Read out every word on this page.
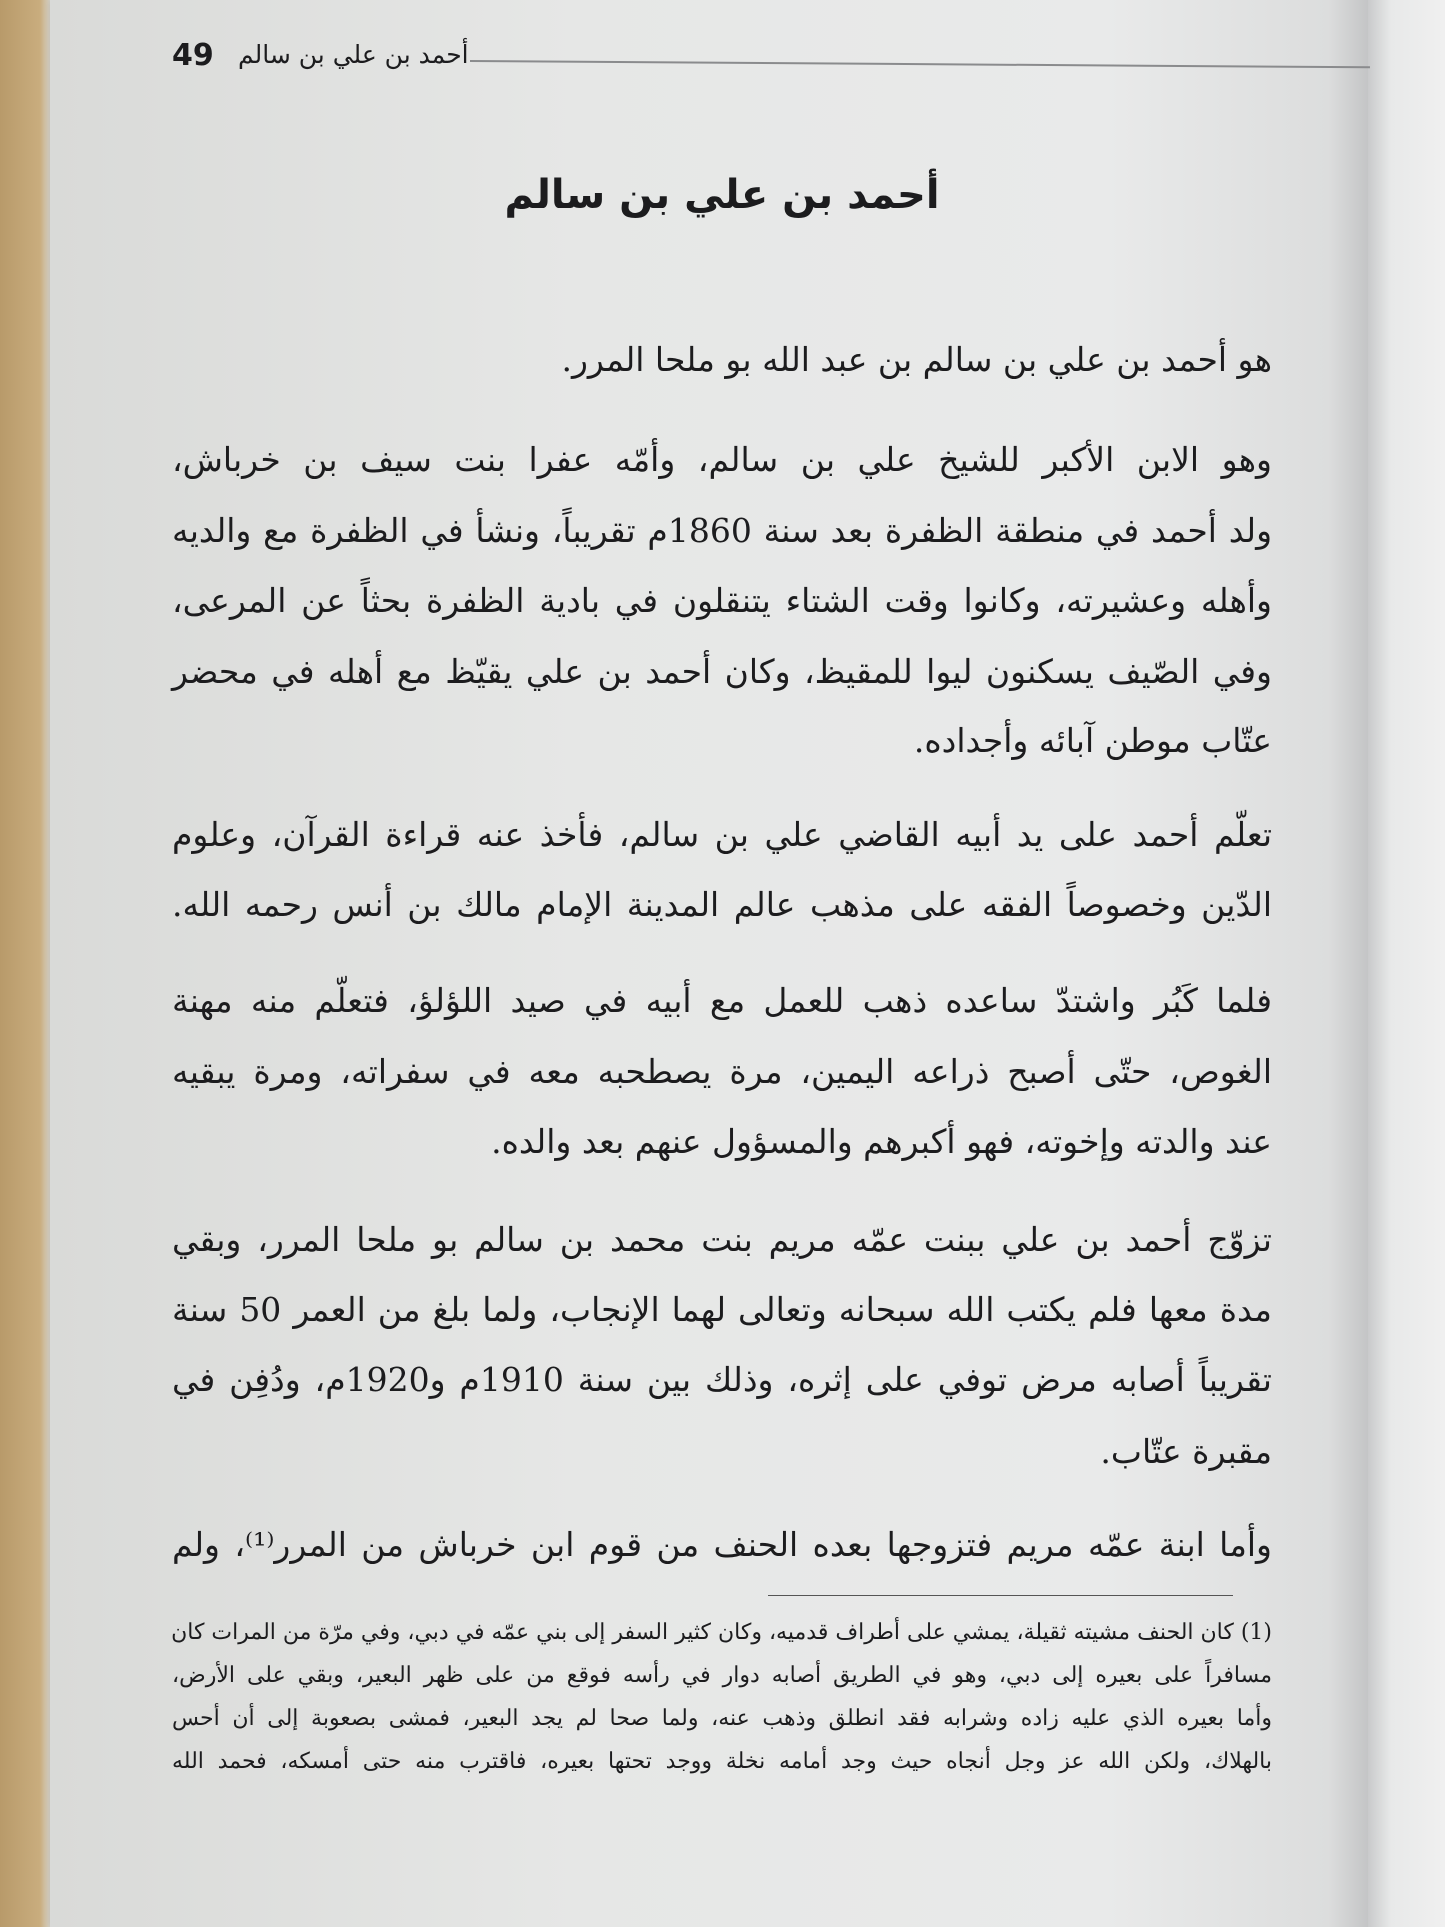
49 أحمد بن علي بن سالم
أحمد بن علي بن سالم
هو أحمد بن علي بن سالم بن عبد الله بو ملحا المرر.
وهو الابن الأكبر للشيخ علي بن سالم، وأمّه عفرا بنت سيف بن خرباش،
ولد أحمد في منطقة الظفرة بعد سنة 1860م تقريباً، ونشأ في الظفرة مع والديه
وأهله وعشيرته، وكانوا وقت الشتاء يتنقلون في بادية الظفرة بحثاً عن المرعى،
وفي الصّيف يسكنون ليوا للمقيظ، وكان أحمد بن علي يقيّظ مع أهله في محضر
عتّاب موطن آبائه وأجداده.
تعلّم أحمد على يد أبيه القاضي علي بن سالم، فأخذ عنه قراءة القرآن، وعلوم
الدّين وخصوصاً الفقه على مذهب عالم المدينة الإمام مالك بن أنس رحمه الله.
فلما كَبُر واشتدّ ساعده ذهب للعمل مع أبيه في صيد اللؤلؤ، فتعلّم منه مهنة
الغوص، حتّى أصبح ذراعه اليمين، مرة يصطحبه معه في سفراته، ومرة يبقيه
عند والدته وإخوته، فهو أكبرهم والمسؤول عنهم بعد والده.
تزوّج أحمد بن علي ببنت عمّه مريم بنت محمد بن سالم بو ملحا المرر، وبقي
مدة معها فلم يكتب الله سبحانه وتعالى لهما الإنجاب، ولما بلغ من العمر 50 سنة
تقريباً أصابه مرض توفي على إثره، وذلك بين سنة 1910م و1920م، ودُفِن في
مقبرة عتّاب.
وأما ابنة عمّه مريم فتزوجها بعده الحنف من قوم ابن خرباش من المرر⁽¹⁾، ولم
(1) كان الحنف مشيته ثقيلة، يمشي على أطراف قدميه، وكان كثير السفر إلى بني عمّه في دبي، وفي مرّة من المرات كان
مسافراً على بعيره إلى دبي، وهو في الطريق أصابه دوار في رأسه فوقع من على ظهر البعير، وبقي على الأرض،
وأما بعيره الذي عليه زاده وشرابه فقد انطلق وذهب عنه، ولما صحا لم يجد البعير، فمشى بصعوبة إلى أن أحس
بالهلاك، ولكن الله عز وجل أنجاه حيث وجد أمامه نخلة ووجد تحتها بعيره، فاقترب منه حتى أمسكه، فحمد الله
